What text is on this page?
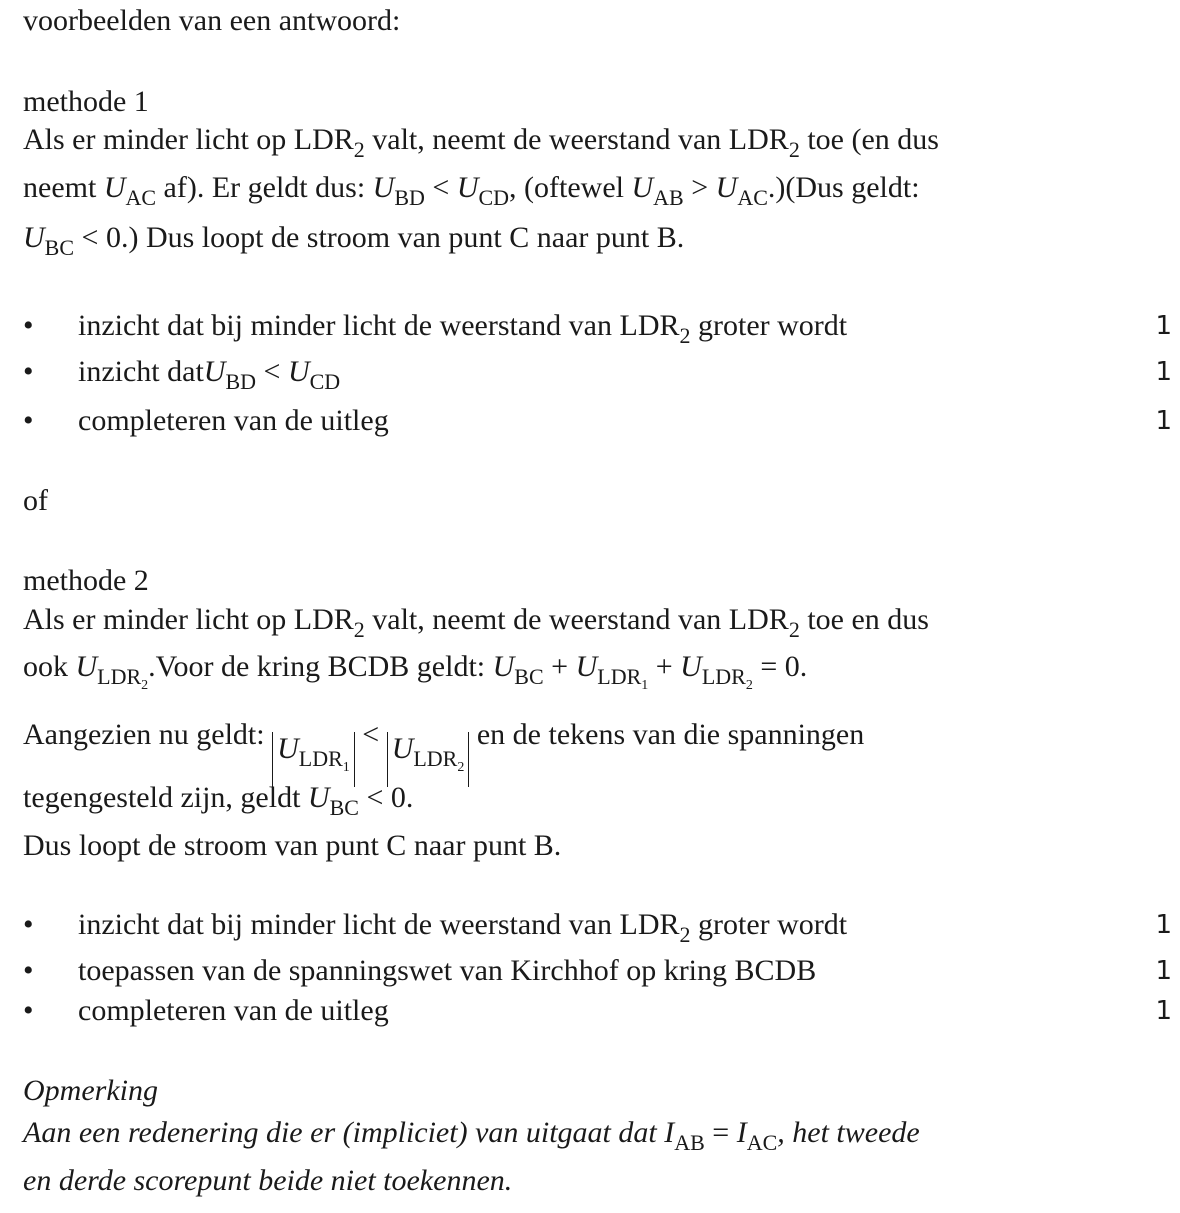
voorbeelden van een antwoord:
methode 1
Als er minder licht op $LDR_2$ valt, neemt de weerstand van $LDR_2$ toe (en dus
neemt $U_{AC}$ af). Er geldt dus: $U_{BD} < U_{CD}$, (oftewel $U_{AB} > U_{AC}.)(Dus$ geldt:
$U_{BC} < 0$.) Dus loopt de stroom van punt C naar punt B.
• inzicht dat bij minder licht de weerstand van $LDR_2$ groter wordt	1
• inzicht datU$_{BD}$ < $U_{CD}$	1
• completeren van de uitleg	1
of
methode 2
Als er minder licht op $LDR_2$ valt, neemt de weerstand van $LDR_2$ toe en dus
ook $U_{LDR_2}.Voor$ de kring BCDB geldt: $U_{BC} + U_{LDR_1} + U_{LDR_2} = 0$.
Aangezien nu geldt: $U_{LDR_1} < U_{LDR_2}$ en de tekens van die spanningen
tegengesteld zijn, geldt $U_{BC} < 0$.
Dus loopt de stroom van punt C naar punt B.
• inzicht dat bij minder licht de weerstand van $LDR_2$ groter wordt	1
• toepassen van de spanningswet van Kirchhof op kring BCDB	1
• completeren van de uitleg	1
Opmerking
Aan een redenering die er (impliciet) van uitgaat dat $I_{AB} = I_{AC}$, het tweede
en derde scorepunt beide niet toekennen.
